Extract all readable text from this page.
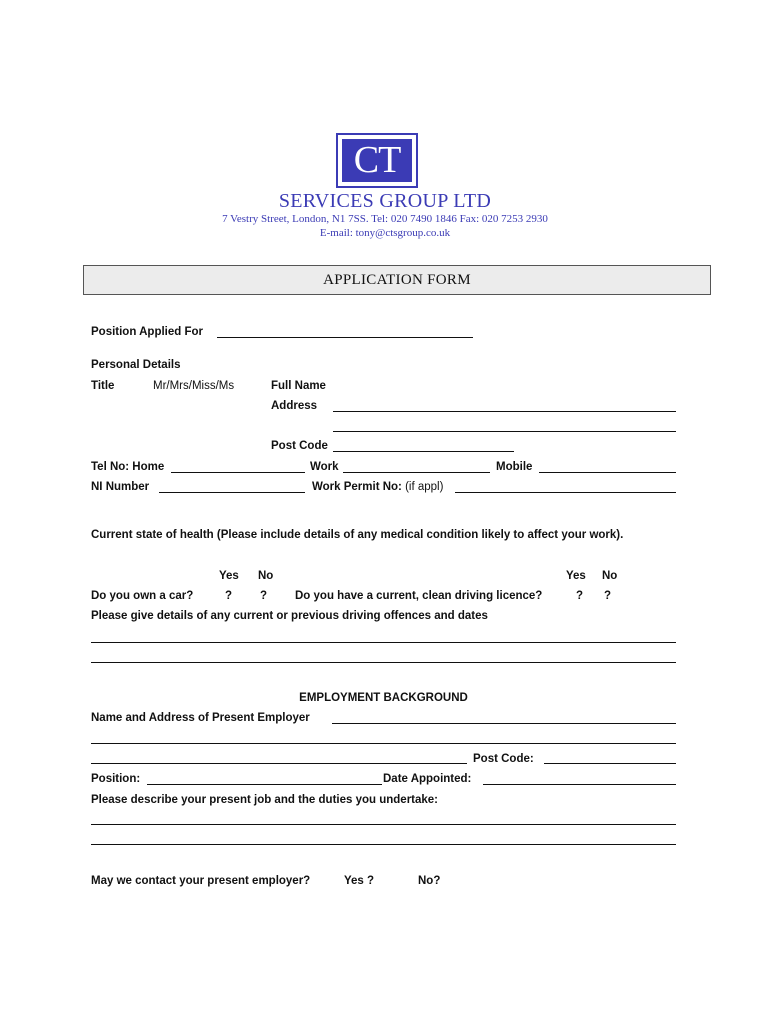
CT
SERVICES GROUP LTD
7 Vestry Street, London, N1 7SS. Tel: 020 7490 1846 Fax: 020 7253 2930
E-mail: tony@ctsgroup.co.uk
APPLICATION FORM
Position Applied For
Personal Details
Title	Mr/Mrs/Miss/Ms	Full Name
Address
Post Code
Tel No: Home	Work	Mobile
NI Number	Work Permit No: (if appl)
Current state of health (Please include details of any medical condition likely to affect your work).
Yes No	Yes No
Do you own a car?	? ? Do you have a current, clean driving licence?	? ?
Please give details of any current or previous driving offences and dates
EMPLOYMENT BACKGROUND
Name and Address of Present Employer
Post Code:
Position:	Date Appointed:
Please describe your present job and the duties you undertake:
May we contact your present employer?	Yes ?	No?
